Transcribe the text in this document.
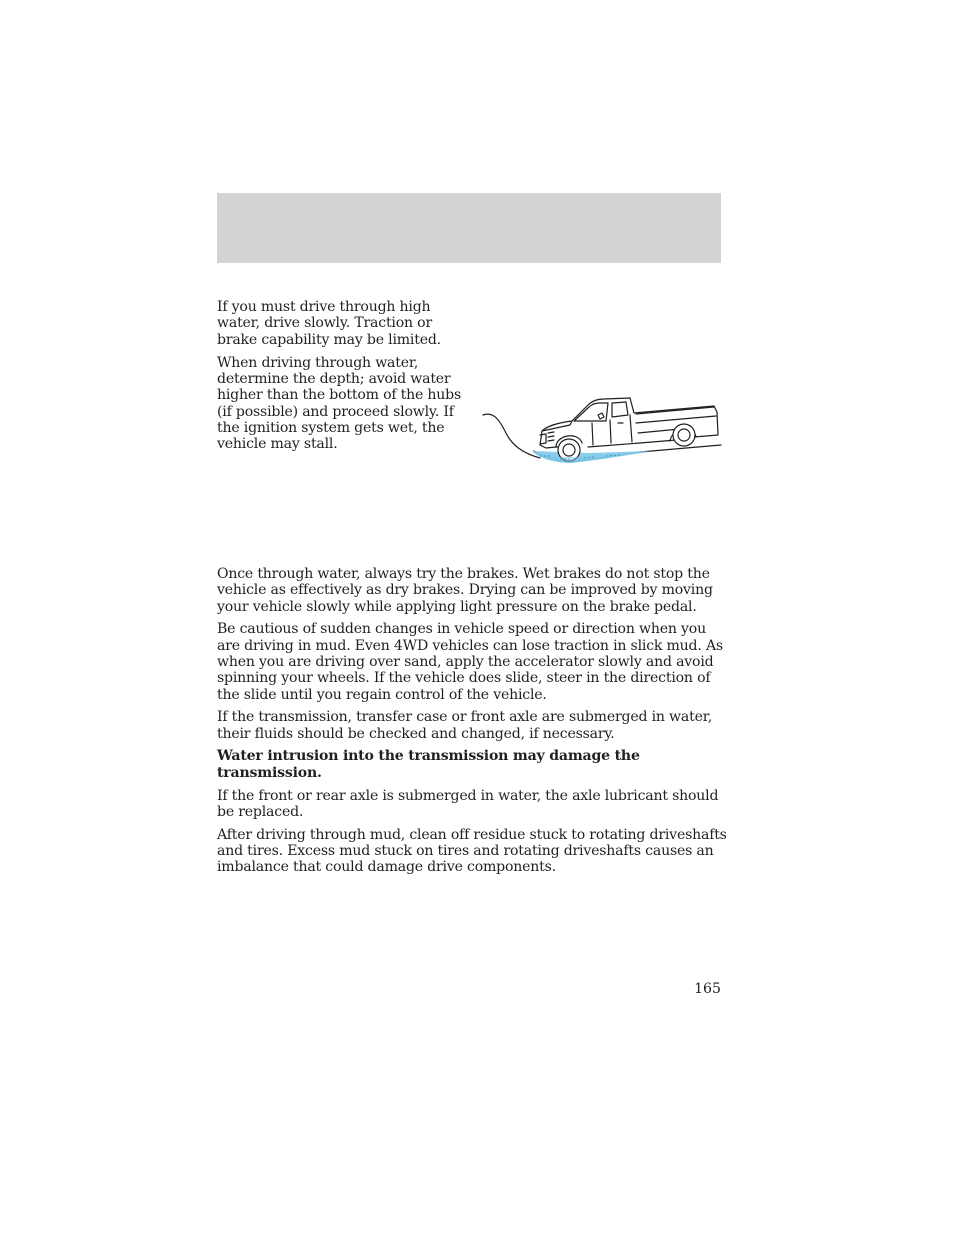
If you must drive through high water, drive slowly. Traction or brake capability may be limited.

When driving through water, determine the depth; avoid water higher than the bottom of the hubs (if possible) and proceed slowly. If the ignition system gets wet, the vehicle may stall.

Once through water, always try the brakes. Wet brakes do not stop the vehicle as effectively as dry brakes. Drying can be improved by moving your vehicle slowly while applying light pressure on the brake pedal.

Be cautious of sudden changes in vehicle speed or direction when you are driving in mud. Even 4WD vehicles can lose traction in slick mud. As when you are driving over sand, apply the accelerator slowly and avoid spinning your wheels. If the vehicle does slide, steer in the direction of the slide until you regain control of the vehicle.

If the transmission, transfer case or front axle are submerged in water, their fluids should be checked and changed, if necessary.

Water intrusion into the transmission may damage the transmission.

If the front or rear axle is submerged in water, the axle lubricant should be replaced.

After driving through mud, clean off residue stuck to rotating driveshafts and tires. Excess mud stuck on tires and rotating driveshafts causes an imbalance that could damage drive components.

165
